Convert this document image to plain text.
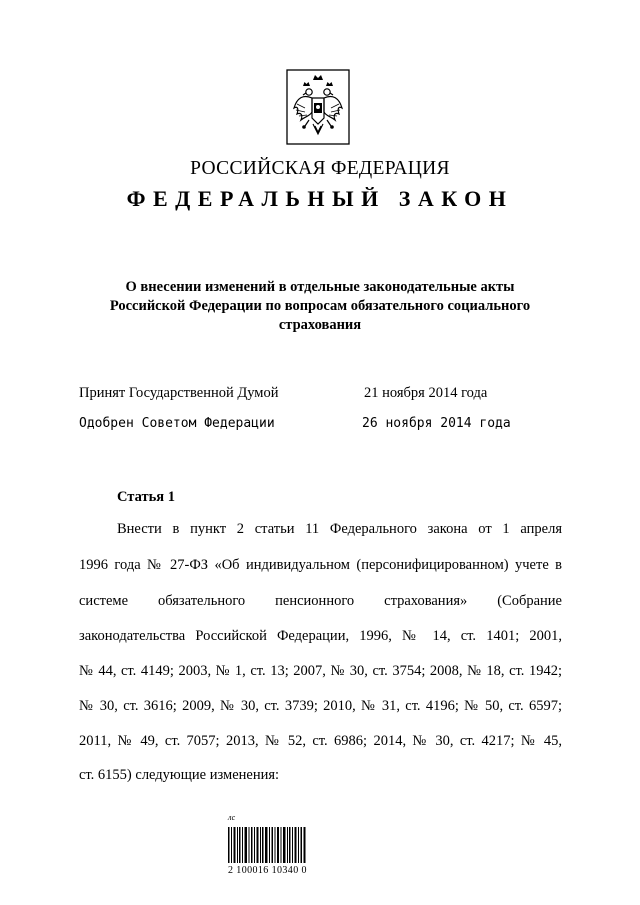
РОССИЙСКАЯ ФЕДЕРАЦИЯ
ФЕДЕРАЛЬНЫЙ ЗАКОН
О внесении изменений в отдельные законодательные акты
Российской Федерации по вопросам обязательного социального
страхования
Принят Государственной Думой	21 ноября 2014 года
Одобрен Советом Федерации	26 ноября 2014 года
Статья 1
Внести в пункт 2 статьи 11 Федерального закона от 1 апреля
1996 года № 27-ФЗ «Об индивидуальном (персонифицированном) учете в
системе обязательного пенсионного страхования» (Собрание
законодательства Российской Федерации, 1996, № 14, ст. 1401; 2001,
№ 44, ст. 4149; 2003, № 1, ст. 13; 2007, № 30, ст. 3754; 2008, № 18, ст. 1942;
№ 30, ст. 3616; 2009, № 30, ст. 3739; 2010, № 31, ст. 4196; № 50, ст. 6597;
2011, № 49, ст. 7057; 2013, № 52, ст. 6986; 2014, № 30, ст. 4217; № 45,
ст. 6155) следующие изменения:
лс
2 100016 10340 0
